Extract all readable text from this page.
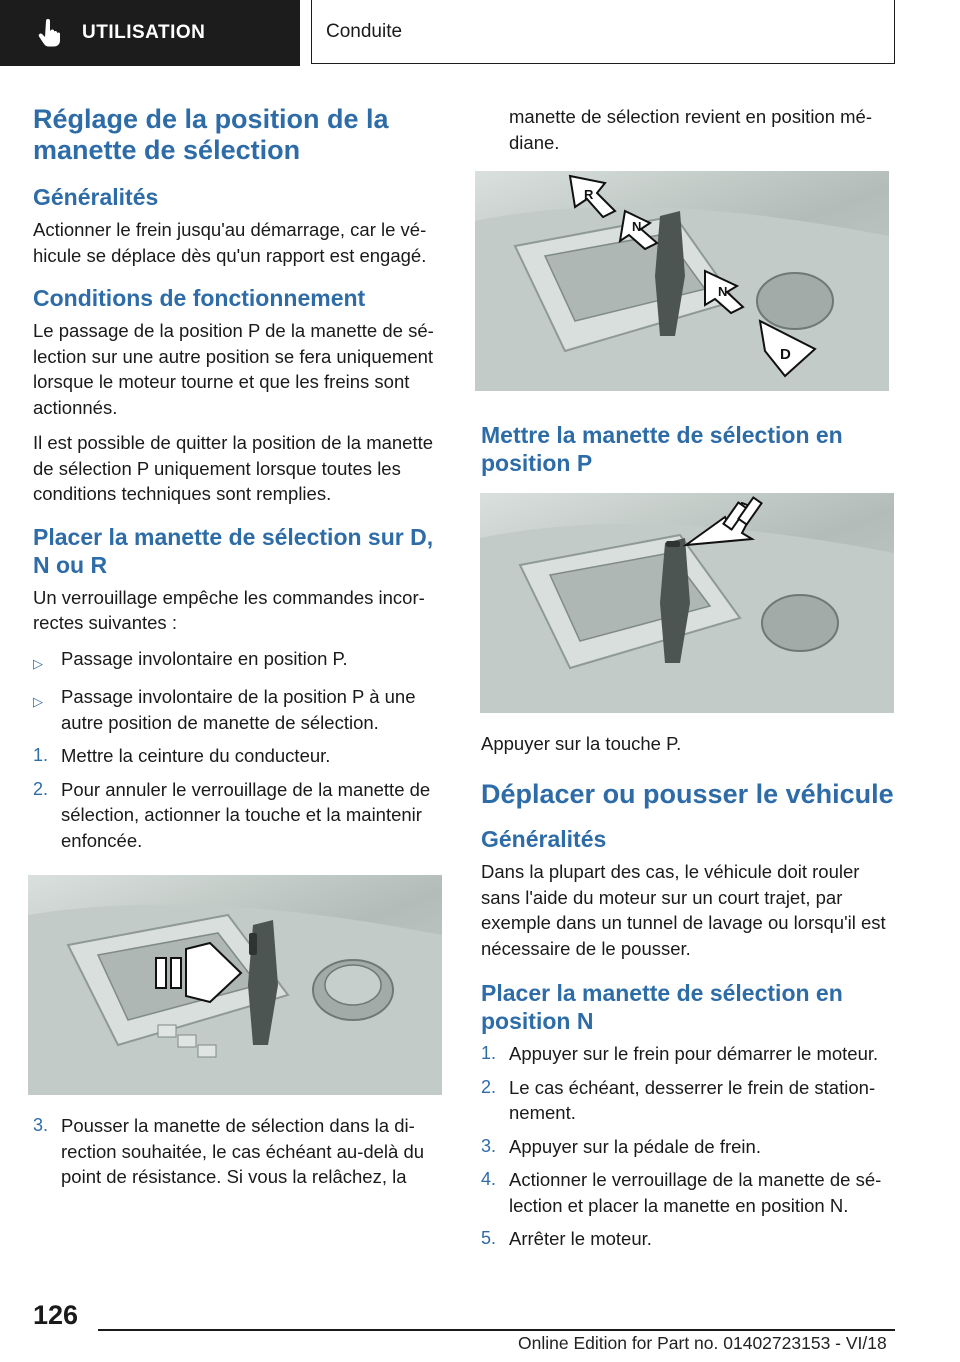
UTILISATION	Conduite
Réglage de la position de la manette de sélection
Généralités

Actionner le frein jusqu'au démarrage, car le véhicule se déplace dès qu'un rapport est engagé.

Conditions de fonctionnement

Le passage de la position P de la manette de sélection sur une autre position se fera uniquement lorsque le moteur tourne et que les freins sont actionnés.

Il est possible de quitter la position de la manette de sélection P uniquement lorsque toutes les conditions techniques sont remplies.

Placer la manette de sélection sur D, N ou R

Un verrouillage empêche les commandes incorrectes suivantes :

▷ Passage involontaire en position P.
▷ Passage involontaire de la position P à une autre position de manette de sélection.
1. Mettre la ceinture du conducteur.
2. Pour annuler le verrouillage de la manette de sélection, actionner la touche et la maintenir enfoncée.
3. Pousser la manette de sélection dans la direction souhaitée, le cas échéant au-delà du point de résistance. Si vous la relâchez, la

manette de sélection revient en position médiane.

R
N
N
D
Mettre la manette de sélection en position P

Appuyer sur la touche P.

Déplacer ou pousser le véhicule
Généralités

Dans la plupart des cas, le véhicule doit rouler sans l'aide du moteur sur un court trajet, par exemple dans un tunnel de lavage ou lorsqu'il est nécessaire de le pousser.

Placer la manette de sélection en position N
1. Appuyer sur le frein pour démarrer le moteur.
2. Le cas échéant, desserrer le frein de stationnement.
3. Appuyer sur la pédale de frein.
4. Actionner le verrouillage de la manette de sélection et placer la manette en position N.
5. Arrêter le moteur.
126
Online Edition for Part no. 01402723153 - VI/18
